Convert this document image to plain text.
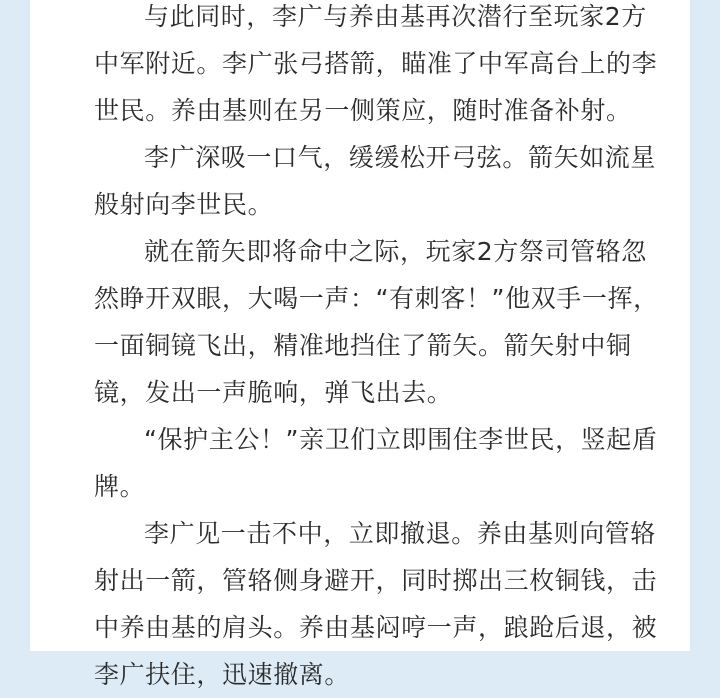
与此同时，李广与养由基再次潜行至玩家2方
中军附近。李广张弓搭箭，瞄准了中军高台上的李
世民。养由基则在另一侧策应，随时准备补射。

李广深吸一口气，缓缓松开弓弦。箭矢如流星
般射向李世民。

就在箭矢即将命中之际，玩家2方祭司管辂忽
然睁开双眼，大喝一声：“有刺客！”他双手一挥，
一面铜镜飞出，精准地挡住了箭矢。箭矢射中铜
镜，发出一声脆响，弹飞出去。

“保护主公！”亲卫们立即围住李世民，竖起盾
牌。

李广见一击不中，立即撤退。养由基则向管辂
射出一箭，管辂侧身避开，同时掷出三枚铜钱，击
中养由基的肩头。养由基闷哼一声，踉跄后退，被
李广扶住，迅速撤离。
